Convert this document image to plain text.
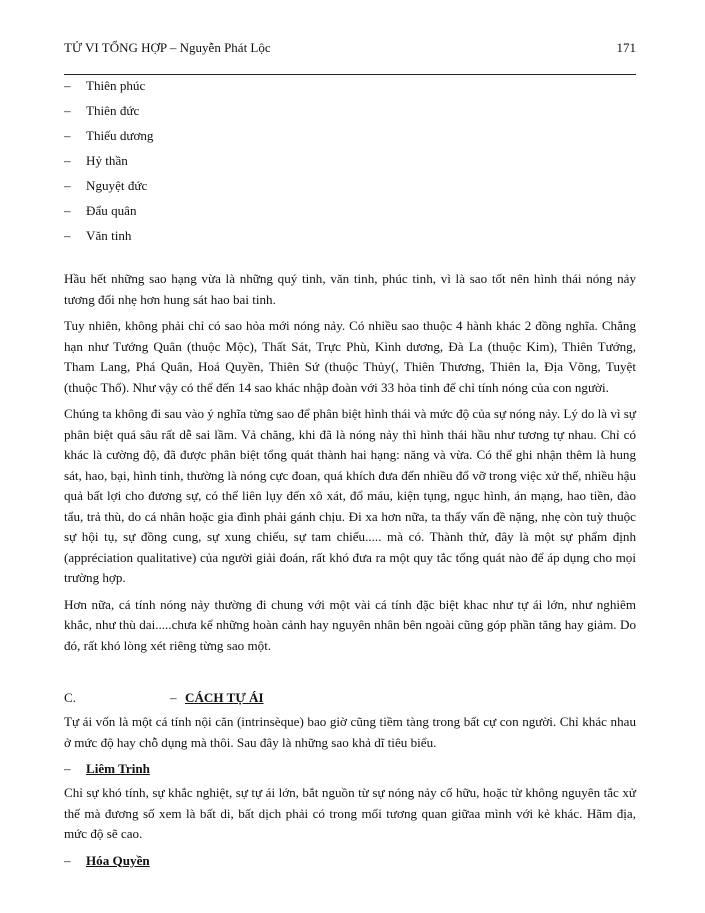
TỬ VI TỔNG HỢP – Nguyễn Phát Lộc	171
– Thiên phúc
– Thiên đức
– Thiếu dương
– Hỷ thần
– Nguyệt đức
– Đẩu quân
– Văn tinh

Hầu hết những sao hạng vừa là những quý tinh, văn tinh, phúc tinh, vì là sao tốt nên hình thái nóng nảy tương đối nhẹ hơn hung sát hao bai tinh.

Tuy nhiên, không phải chỉ có sao hỏa mới nóng nảy. Có nhiều sao thuộc 4 hành khác 2 đồng nghĩa. Chẳng hạn như Tướng Quân (thuộc Mộc), Thất Sát, Trực Phù, Kình dương, Đà La (thuộc Kim), Thiên Tướng, Tham Lang, Phá Quân, Hoá Quyền, Thiên Sứ (thuộc Thủy(, Thiên Thương, Thiên la, Địa Võng, Tuyệt (thuộc Thổ). Như vậy có thể đến 14 sao khác nhập đoàn với 33 hỏa tinh để chỉ tính nóng của con người.

Chúng ta không đi sau vào ý nghĩa từng sao để phân biệt hình thái và mức độ của sự nóng nảy. Lý do là vì sự phân biệt quá sâu rất dễ sai lầm. Vả chăng, khi đã là nóng nảy thì hình thái hầu như tương tự nhau. Chỉ có khác là cường độ, đã được phân biệt tổng quát thành hai hạng: năng và vừa. Có thể ghi nhận thêm là hung sát, hao, bại, hình tinh, thường là nóng cực đoan, quá khích đưa đến nhiều đổ vỡ trong việc xử thế, nhiều hậu quả bất lợi cho đương sự, có thể liên lụy đến xô xát, đổ máu, kiện tụng, ngục hình, án mạng, hao tiền, đào tẩu, trả thù, do cá nhân hoặc gia đình phải gánh chịu. Đi xa hơn nữa, ta thấy vấn đề nặng, nhẹ còn tuỳ thuộc sự hội tụ, sự đồng cung, sự xung chiếu, sự tam chiếu..... mà có. Thành thử, đây là một sự phẩm định (appréciation qualitative) của người giải đoán, rất khó đưa ra một quy tắc tổng quát nào để áp dụng cho mọi trường hợp.

Hơn nữa, cá tính nóng nảy thường đi chung với một vài cá tính đặc biệt khac như tự ái lớn, như nghiêm khắc, như thù dai.....chưa kể những hoàn cảnh hay nguyên nhân bên ngoài cũng góp phần tăng hay giảm. Do đó, rất khó lòng xét riêng từng sao một.

C.	– CÁCH TỰ ÁI

Tự ái vốn là một cá tính nội căn (intrinsèque) bao giờ cũng tiềm tàng trong bất cự con người. Chỉ khác nhau ở mức độ hay chỗ dụng mà thôi. Sau đây là những sao khả dĩ tiêu biểu.

– Liêm Trinh

Chỉ sự khó tính, sự khắc nghiệt, sự tự ái lớn, bắt nguồn từ sự nóng nảy cố hữu, hoặc từ không nguyên tắc xử thế mà đương số xem là bất di, bất dịch phải có trong mối tương quan giữaa mình với kẻ khác. Hãm địa, mức độ sẽ cao.

– Hóa Quyền
